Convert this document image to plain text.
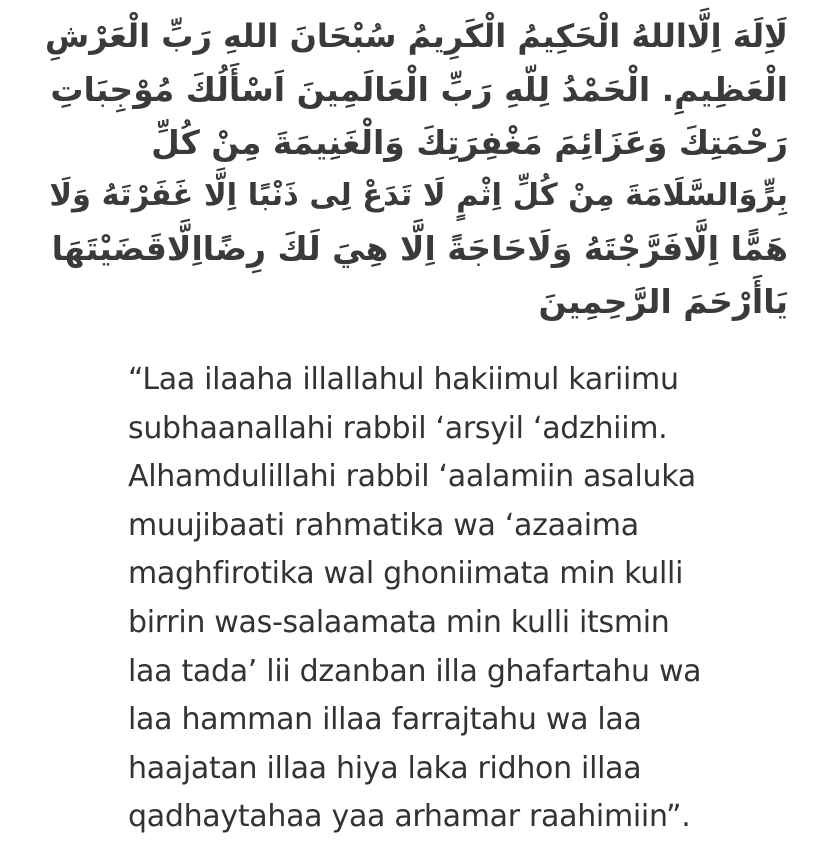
لَاِلَهَ اِلَّااللهُ الْحَكِيمُ الْكَرِيمُ سُبْحَانَ اللهِ رَبِّ الْعَرْشِ
الْعَظِيمِ. الْحَمْدُ لِلّهِ رَبِّ الْعَالَمِينَ اَسْأَلُكَ مُوْجِبَاتِ
رَحْمَتِكَ وَعَزَائِمَ مَغْفِرَتِكَ وَالْغَنِيمَةَ مِنْ كُلِّ
بِرٍّوَالسَّلَامَةَ مِنْ كُلِّ اِثْمٍ لَا تَدَعْ لِى ذَنْبًا اِلَّا غَفَرْتَهُ وَلَا
هَمًّا اِلَّافَرَّجْتَهُ وَلَاحَاجَةً اِلَّا هِيَ لَكَ رِضًااِلَّاقَضَيْتَهَا
يَاأَرْحَمَ الرَّحِمِينَ
“Laa ilaaha illallahul hakiimul kariimu
subhaanallahi rabbil ‘arsyil ‘adzhiim.
Alhamdulillahi rabbil ‘aalamiin asaluka
muujibaati rahmatika wa ‘azaaima
maghfirotika wal ghoniimata min kulli
birrin was-salaamata min kulli itsmin
laa tada’ lii dzanban illa ghafartahu wa
laa hamman illaa farrajtahu wa laa
haajatan illaa hiya laka ridhon illaa
qadhaytahaa yaa arhamar raahimiin”.
